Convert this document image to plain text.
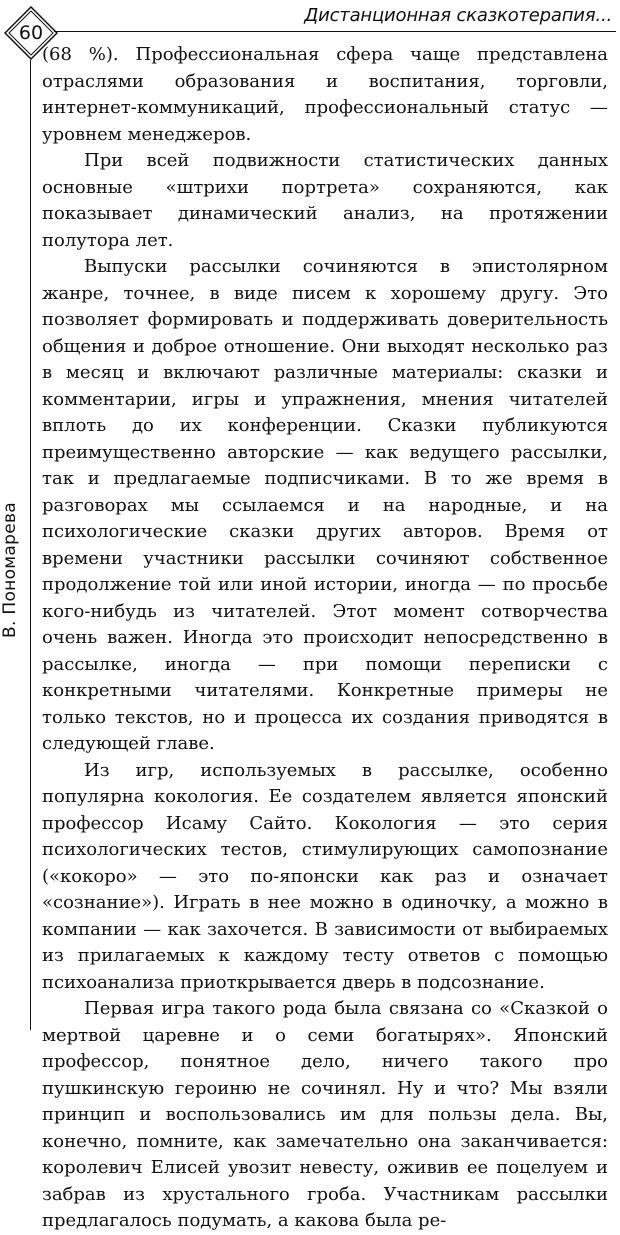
60
Дистанционная сказкотерапия...
В. Пономарева

(68 %). Профессиональная сфера чаще представлена отраслями образования и воспитания, торговли, интернет-коммуникаций, профессиональный статус — уровнем менеджеров.

При всей подвижности статистических данных основные «штрихи портрета» сохраняются, как показывает динамический анализ, на протяжении полутора лет.

Выпуски рассылки сочиняются в эпистолярном жанре, точнее, в виде писем к хорошему другу. Это позволяет формировать и поддерживать доверительность общения и доброе отношение. Они выходят несколько раз в месяц и включают различные материалы: сказки и комментарии, игры и упражнения, мнения читателей вплоть до их конференции. Сказки публикуются преимущественно авторские — как ведущего рассылки, так и предлагаемые подписчиками. В то же время в разговорах мы ссылаемся и на народные, и на психологические сказки других авторов. Время от времени участники рассылки сочиняют собственное продолжение той или иной истории, иногда — по просьбе кого-нибудь из читателей. Этот момент сотворчества очень важен. Иногда это происходит непосредственно в рассылке, иногда — при помощи переписки с конкретными читателями. Конкретные примеры не только текстов, но и процесса их создания приводятся в следующей главе.

Из игр, используемых в рассылке, особенно популярна кокология. Ее создателем является японский профессор Исаму Сайто. Кокология — это серия психологических тестов, стимулирующих самопознание («кокоро» — это по-японски как раз и означает «сознание»). Играть в нее можно в одиночку, а можно в компании — как захочется. В зависимости от выбираемых из прилагаемых к каждому тесту ответов с помощью психоанализа приоткрывается дверь в подсознание.

Первая игра такого рода была связана со «Сказкой о мертвой царевне и о семи богатырях». Японский профессор, понятное дело, ничего такого про пушкинскую героиню не сочинял. Ну и что? Мы взяли принцип и воспользовались им для пользы дела. Вы, конечно, помните, как замечательно она заканчивается: королевич Елисей увозит невесту, оживив ее поцелуем и забрав из хрустального гроба. Участникам рассылки предлагалось подумать, а какова была ре-
